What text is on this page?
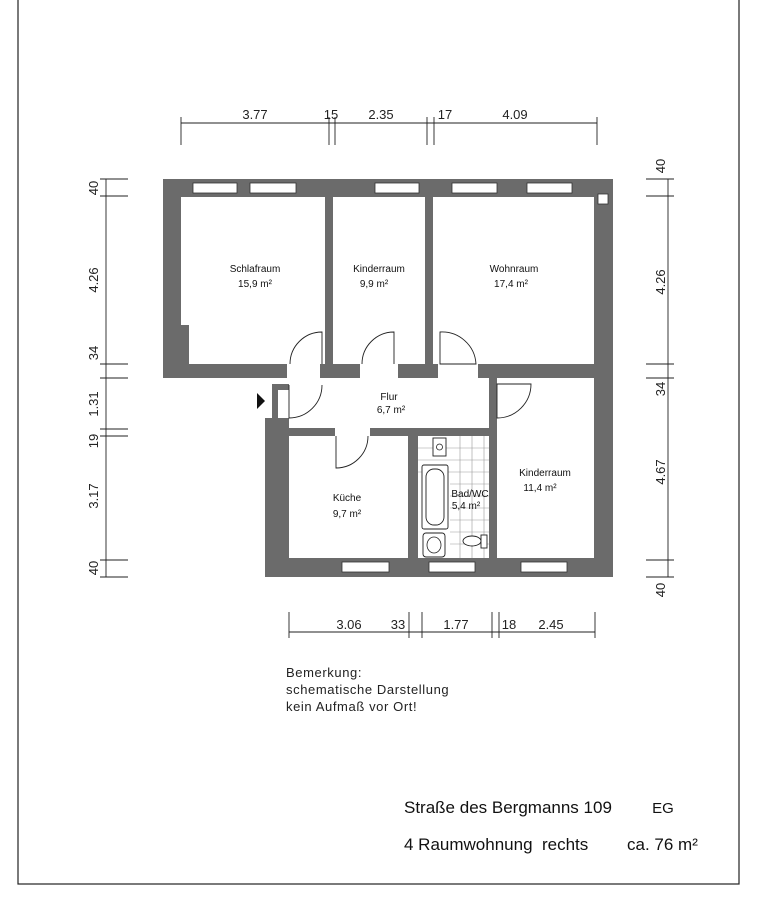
3.77	15 2.35	17	4.09
3.06 33	1.77	18 2.45
40
4.26
34
1.31
19
3.17
40
40
4.26
34
4.67
40
Schlafraum
15,9 m²
Kinderraum
9,9 m²
Wohnraum
17,4 m²
Flur
6,7 m²
Küche
9,7 m²
Bad/WC
5,4 m²
Kinderraum
11,4 m²
Bemerkung:
schematische Darstellung
kein Aufmaß vor Ort!
Straße des Bergmanns 109	EG
4 Raumwohnung  rechts ca. 76 m²
